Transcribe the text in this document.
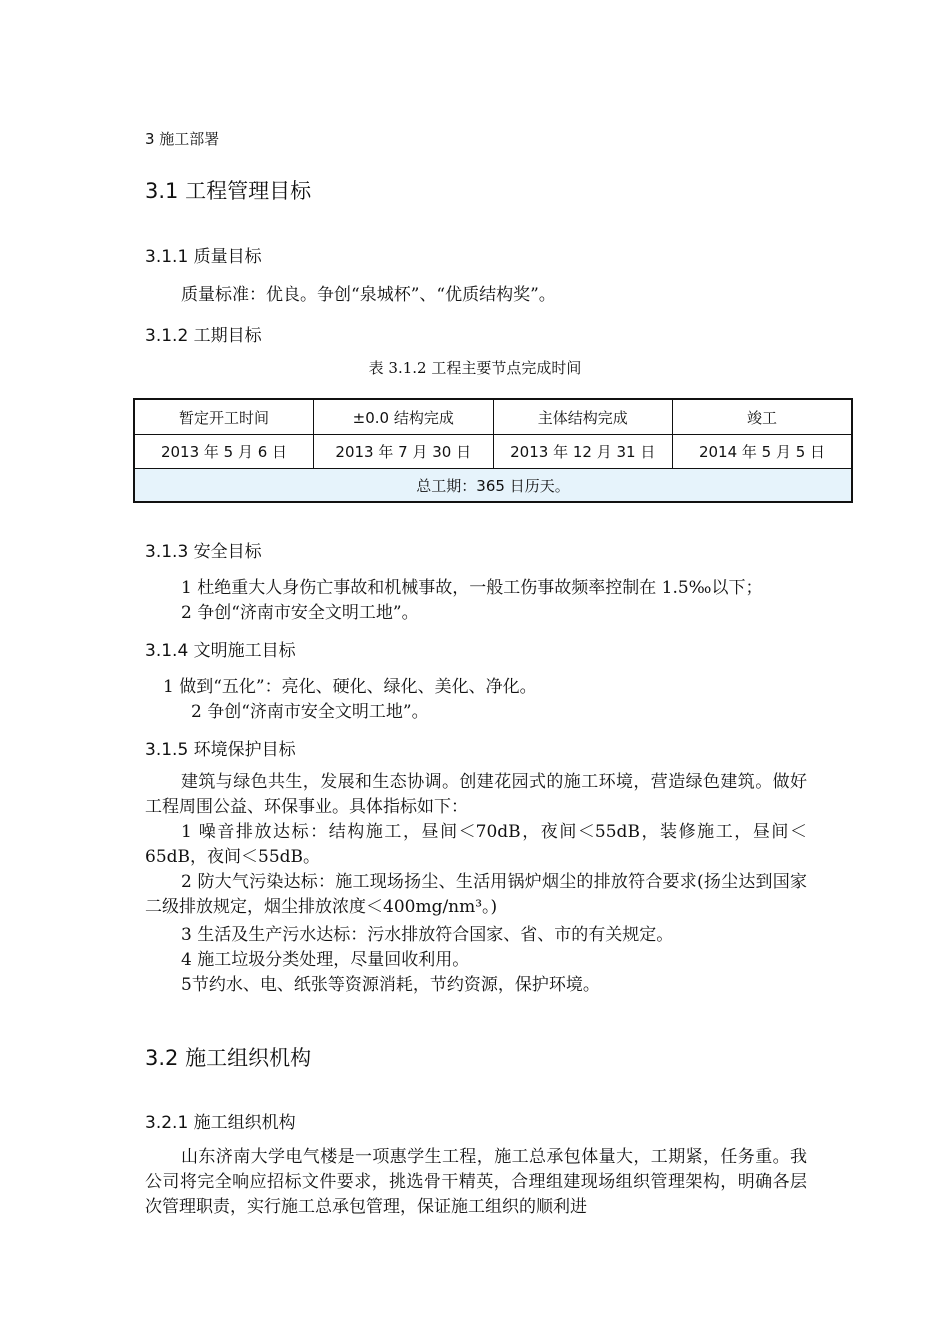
3 施工部署
3.1 工程管理目标
3.1.1 质量目标
质量标准：优良。争创“泉城杯”、“优质结构奖”。
3.1.2 工期目标
表 3.1.2 工程主要节点完成时间
暂定开工时间	±0.0 结构完成	主体结构完成	竣工
2013 年 5 月 6 日	2013 年 7 月 30 日	2013 年 12 月 31 日	2014 年 5 月 5 日
总工期：365 日历天。			
3.1.3 安全目标
1 杜绝重大人身伤亡事故和机械事故，一般工伤事故频率控制在 1.5‰以下；
2 争创“济南市安全文明工地”。
3.1.4 文明施工目标
1 做到“五化”：亮化、硬化、绿化、美化、净化。
2 争创“济南市安全文明工地”。
3.1.5 环境保护目标
建筑与绿色共生，发展和生态协调。创建花园式的施工环境，营造绿色建筑。做好工程周围公益、环保事业。具体指标如下：
1 噪音排放达标：结构施工，昼间＜70dB，夜间＜55dB，装修施工，昼间＜65dB，夜间＜55dB。
2 防大气污染达标：施工现场扬尘、生活用锅炉烟尘的排放符合要求(扬尘达到国家二级排放规定，烟尘排放浓度＜400mg/nm³。)
3 生活及生产污水达标：污水排放符合国家、省、市的有关规定。
4 施工垃圾分类处理，尽量回收利用。
5节约水、电、纸张等资源消耗，节约资源，保护环境。
3.2 施工组织机构
3.2.1 施工组织机构
山东济南大学电气楼是一项惠学生工程，施工总承包体量大，工期紧，任务重。我公司将完全响应招标文件要求，挑选骨干精英，合理组建现场组织管理架构，明确各层次管理职责，实行施工总承包管理，保证施工组织的顺利进
